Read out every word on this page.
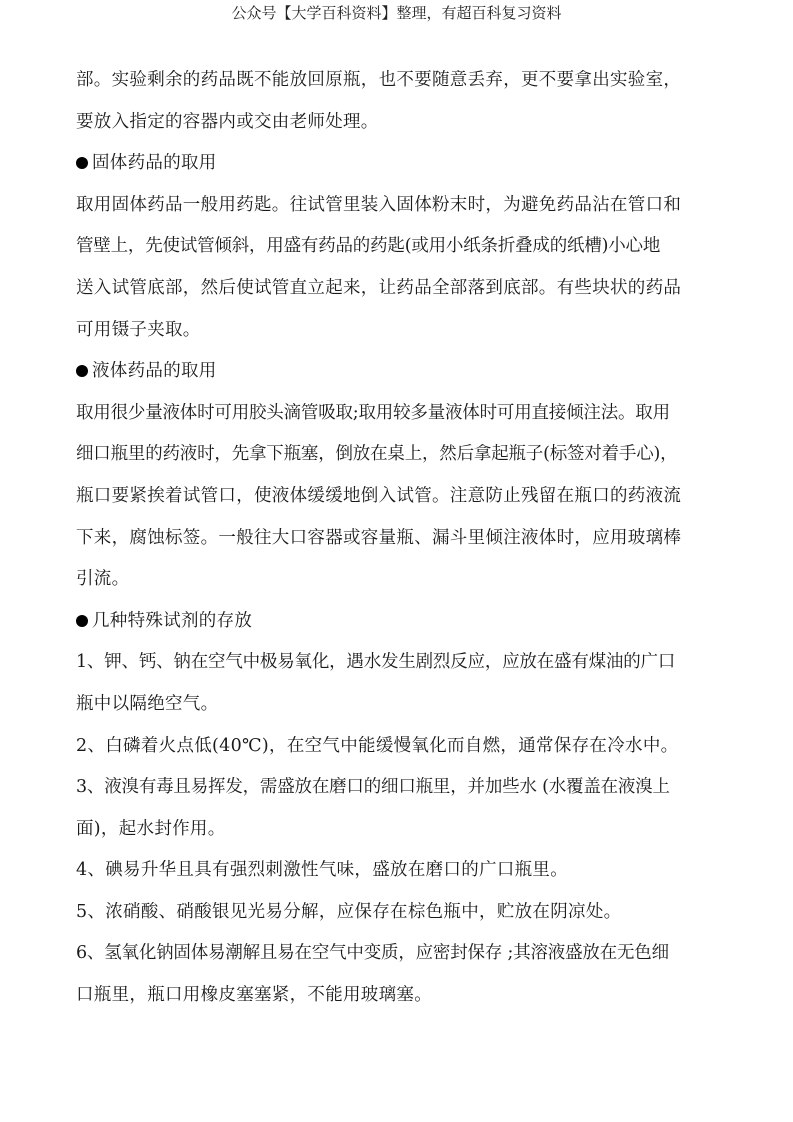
公众号【大学百科资料】整理，有超百科复习资料
部。实验剩余的药品既不能放回原瓶，也不要随意丢弃，更不要拿出实验室，
要放入指定的容器内或交由老师处理。
固体药品的取用
取用固体药品一般用药匙。往试管里装入固体粉末时，为避免药品沾在管口和
管壁上，先使试管倾斜，用盛有药品的药匙(或用小纸条折叠成的纸槽)小心地
送入试管底部，然后使试管直立起来，让药品全部落到底部。有些块状的药品
可用镊子夹取。
液体药品的取用
取用很少量液体时可用胶头滴管吸取;取用较多量液体时可用直接倾注法。取用
细口瓶里的药液时，先拿下瓶塞，倒放在桌上，然后拿起瓶子(标签对着手心)，
瓶口要紧挨着试管口，使液体缓缓地倒入试管。注意防止残留在瓶口的药液流
下来，腐蚀标签。一般往大口容器或容量瓶、漏斗里倾注液体时，应用玻璃棒
引流。
几种特殊试剂的存放
1、钾、钙、钠在空气中极易氧化，遇水发生剧烈反应，应放在盛有煤油的广口
瓶中以隔绝空气。
2、白磷着火点低(40℃)，在空气中能缓慢氧化而自燃，通常保存在冷水中。
3、液溴有毒且易挥发，需盛放在磨口的细口瓶里，并加些水 (水覆盖在液溴上
面)，起水封作用。
4、碘易升华且具有强烈刺激性气味，盛放在磨口的广口瓶里。
5、浓硝酸、硝酸银见光易分解，应保存在棕色瓶中，贮放在阴凉处。
6、氢氧化钠固体易潮解且易在空气中变质，应密封保存 ;其溶液盛放在无色细
口瓶里，瓶口用橡皮塞塞紧，不能用玻璃塞。
